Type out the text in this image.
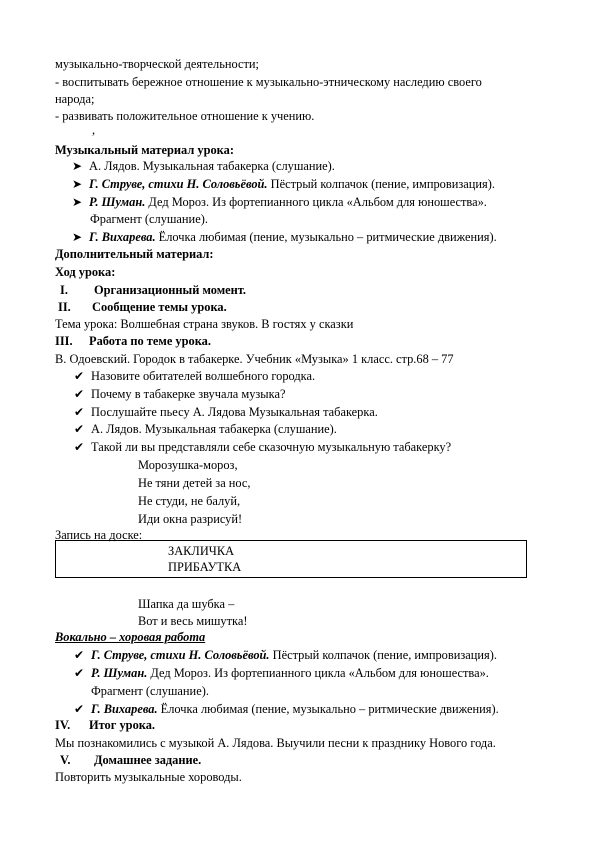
музыкально-творческой деятельности;
- воспитывать бережное отношение к музыкально-этническому наследию своего
народа;
- развивать положительное отношение к учению.
,
Музыкальный материал урока:
➤ А. Лядов. Музыкальная табакерка (слушание).
➤ Г. Струве, стихи Н. Соловьёвой. Пёстрый колпачок (пение, импровизация).
➤ Р. Шуман. Дед Мороз. Из фортепианного цикла «Альбом для юношества».
Фрагмент (слушание).
➤ Г. Вихарева. Ёлочка любимая (пение, музыкально – ритмические движения).
Дополнительный материал:
Ход урока:
I. Организационный момент.
II. Сообщение темы урока.
Тема урока: Волшебная страна звуков. В гостях у сказки
III. Работа по теме урока.
В. Одоевский. Городок в табакерке. Учебник «Музыка» 1 класс. стр.68 – 77
✔ Назовите обитателей волшебного городка.
✔ Почему в табакерке звучала музыка?
✔ Послушайте пьесу А. Лядова Музыкальная табакерка.
✔ А. Лядов. Музыкальная табакерка (слушание).
✔ Такой ли вы представляли себе сказочную музыкальную табакерку?
Морозушка-мороз,
Не тяни детей за нос,
Не студи, не балуй,
Иди окна разрисуй!
Запись на доске:
ЗАКЛИЧКА
ПРИБАУТКА
Шапка да шубка –
Вот и весь мишутка!
Вокально – хоровая работа
✔ Г. Струве, стихи Н. Соловьёвой. Пёстрый колпачок (пение, импровизация).
✔ Р. Шуман. Дед Мороз. Из фортепианного цикла «Альбом для юношества».
Фрагмент (слушание).
✔ Г. Вихарева. Ёлочка любимая (пение, музыкально – ритмические движения).
IV. Итог урока.
Мы познакомились с музыкой А. Лядова. Выучили песни к празднику Нового года.
V. Домашнее задание.
Повторить музыкальные хороводы.
